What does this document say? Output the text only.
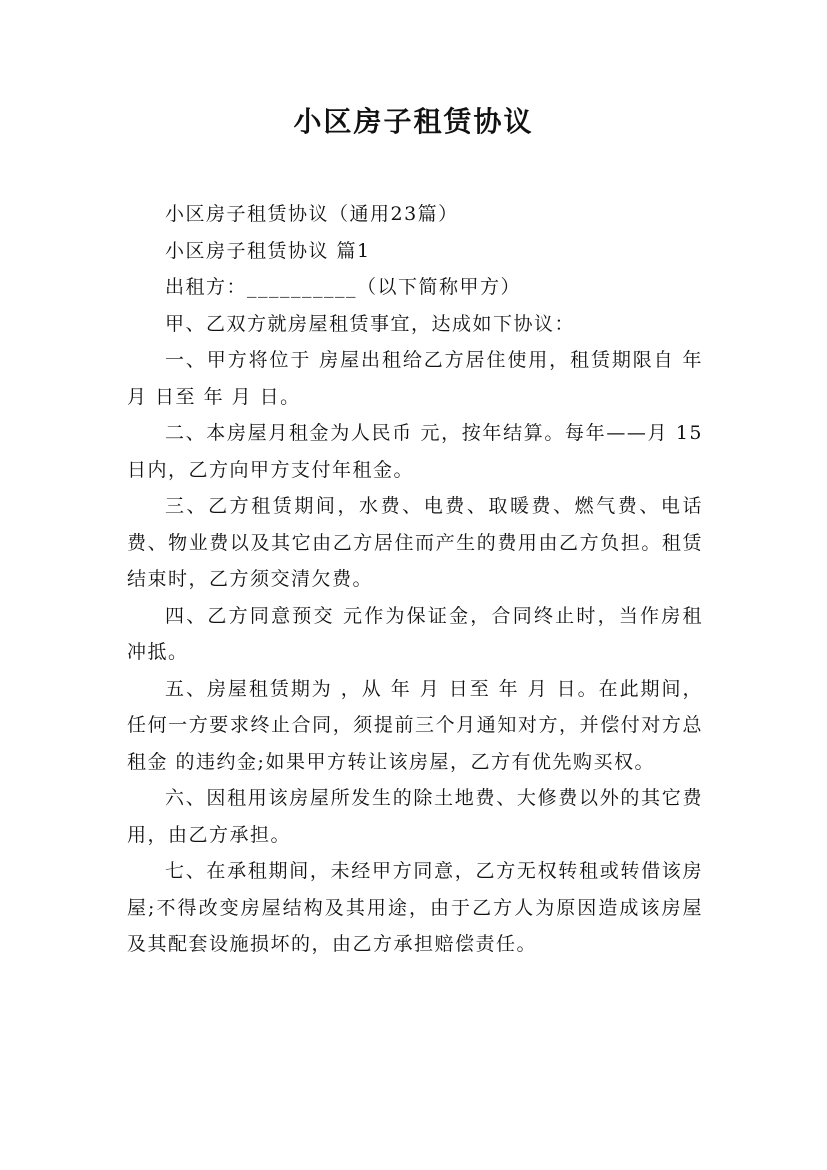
小区房子租赁协议

小区房子租赁协议（通用23篇）

小区房子租赁协议 篇1

出租方：__________（以下简称甲方）

甲、乙双方就房屋租赁事宜，达成如下协议：

一、甲方将位于 房屋出租给乙方居住使用，租赁期限自 年 月 日至 年 月 日。

二、本房屋月租金为人民币 元，按年结算。每年——月 15 日内，乙方向甲方支付年租金。

三、乙方租赁期间，水费、电费、取暖费、燃气费、电话费、物业费以及其它由乙方居住而产生的费用由乙方负担。租赁结束时，乙方须交清欠费。

四、乙方同意预交 元作为保证金，合同终止时，当作房租冲抵。

五、房屋租赁期为 ，从 年 月 日至 年 月 日。在此期间，任何一方要求终止合同，须提前三个月通知对方，并偿付对方总租金 的违约金;如果甲方转让该房屋，乙方有优先购买权。

六、因租用该房屋所发生的除土地费、大修费以外的其它费用，由乙方承担。

七、在承租期间，未经甲方同意，乙方无权转租或转借该房屋;不得改变房屋结构及其用途，由于乙方人为原因造成该房屋及其配套设施损坏的，由乙方承担赔偿责任。
